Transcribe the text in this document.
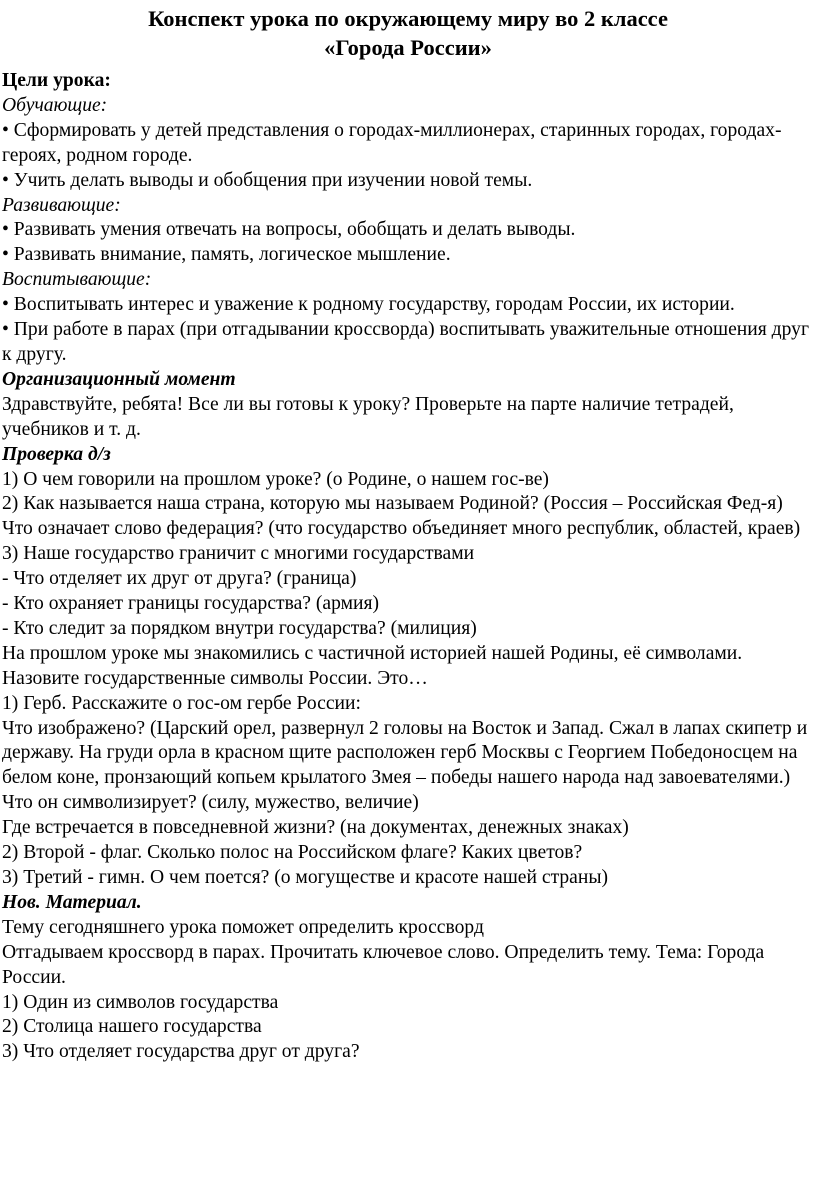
Конспект урока по окружающему миру во 2 классе
«Города России»

Цели урока:

Обучающие:

• Сформировать у детей представления о городах-миллионерах, старинных городах, городах-героях, родном городе.

• Учить делать выводы и обобщения при изучении новой темы.

Развивающие:

• Развивать умения отвечать на вопросы, обобщать и делать выводы.

• Развивать внимание, память, логическое мышление.

Воспитывающие:

• Воспитывать интерес и уважение к родному государству, городам России, их истории.

• При работе в парах (при отгадывании кроссворда) воспитывать уважительные отношения друг к другу.

Организационный момент

Здравствуйте, ребята! Все ли вы готовы к уроку? Проверьте на парте наличие тетрадей, учебников и т. д.

Проверка д/з

1) О чем говорили на прошлом уроке? (о Родине, о нашем гос-ве)

2) Как называется наша страна, которую мы называем Родиной? (Россия – Российская Фед-я)

Что означает слово федерация? (что государство объединяет много республик, областей, краев)

3) Наше государство граничит с многими государствами

- Что отделяет их друг от друга? (граница)

- Кто охраняет границы государства? (армия)

- Кто следит за порядком внутри государства? (милиция)

На прошлом уроке мы знакомились с частичной историей нашей Родины, её символами.

Назовите государственные символы России. Это…

1) Герб. Расскажите о гос-ом гербе России:

Что изображено? (Царский орел, развернул 2 головы на Восток и Запад. Сжал в лапах скипетр и державу. На груди орла в красном щите расположен герб Москвы с Георгием Победоносцем на белом коне, пронзающий копьем крылатого Змея – победы нашего народа над завоевателями.)

Что он символизирует? (силу, мужество, величие)

Где встречается в повседневной жизни? (на документах, денежных знаках)

2) Второй - флаг. Сколько полос на Российском флаге? Каких цветов?

3) Третий - гимн. О чем поется? (о могуществе и красоте нашей страны)

Нов. Материал.

Тему сегодняшнего урока поможет определить кроссворд

Отгадываем кроссворд в парах. Прочитать ключевое слово. Определить тему. Тема: Города России.

1) Один из символов государства

2) Столица нашего государства

3) Что отделяет государства друг от друга?
